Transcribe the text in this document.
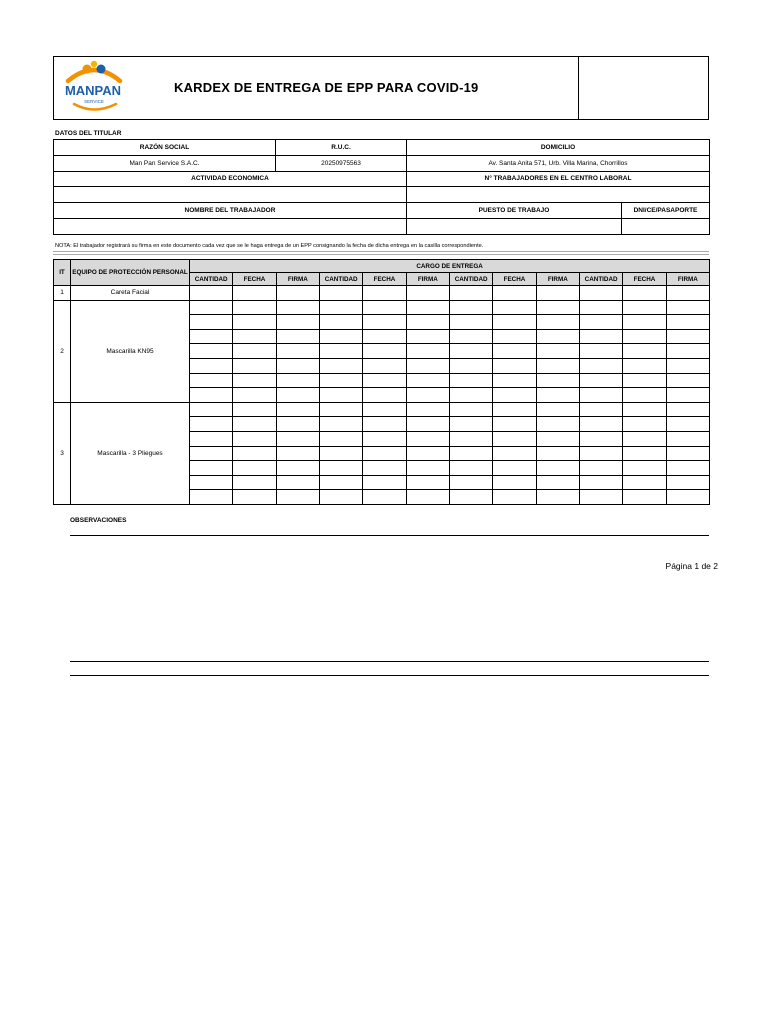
MANPAN
SERVICE
KARDEX DE ENTREGA DE EPP PARA COVID-19
DATOS DEL TITULAR
RAZÓN SOCIAL	R.U.C.	DOMICILIO	
Man Pan Service S.A.C.	20250975563	Av. Santa Anita 571, Urb. Villa Marina, Chorrillos	
ACTIVIDAD ECONOMICA		N° TRABAJADORES EN EL CENTRO LABORAL	

NOMBRE DEL TRABAJADOR		PUESTO DE TRABAJO	DNI/CE/PASAPORTE

NOTA: El trabajador registrará su firma en este documento cada vez que se le haga entrega de un EPP consignando la fecha de dicha entrega en la casilla correspondiente.
IT	EQUIPO DE PROTECCIÓN PERSONAL	CARGO DE ENTREGA											
		CANTIDAD	FECHA	FIRMA	CANTIDAD	FECHA	FIRMA	CANTIDAD	FECHA	FIRMA	CANTIDAD	FECHA	FIRMA
1	Careta Facial												
2	Mascarilla KN95												

3	Mascarilla - 3 Pliegues												

OBSERVACIONES
Página 1 de 2
